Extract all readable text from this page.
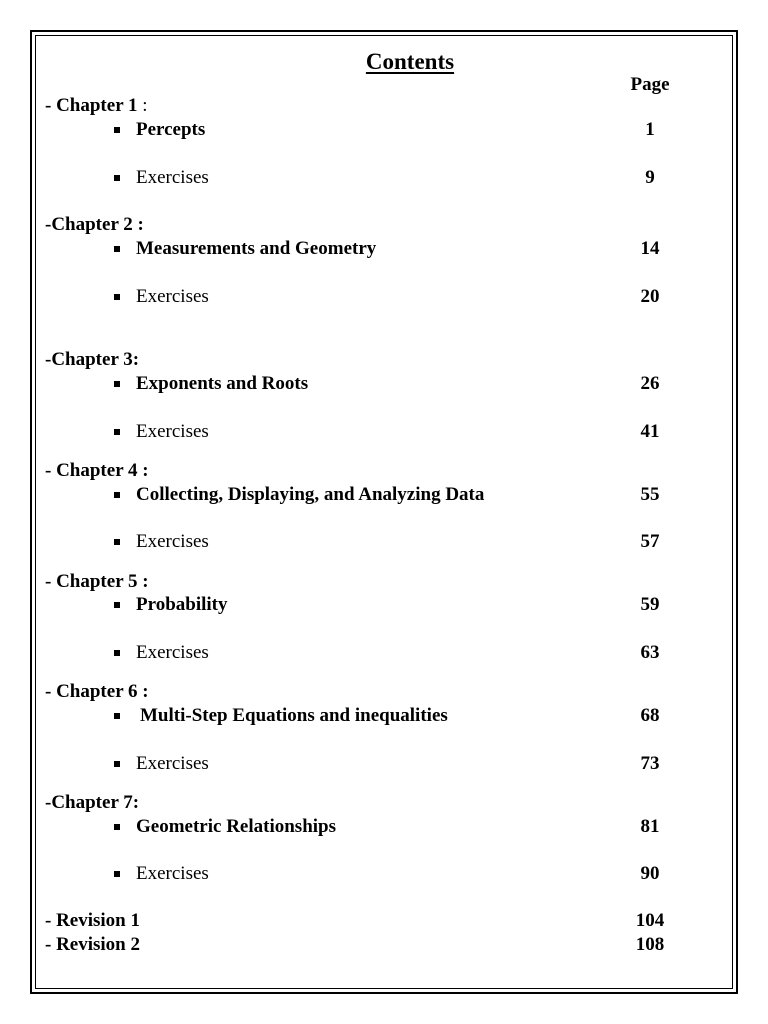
Contents
Page
- Chapter 1 :
Percepts	1
Exercises	9
-Chapter 2 :
Measurements and Geometry	14
Exercises	20
-Chapter 3:
Exponents and Roots	26
Exercises	41
- Chapter 4 :
Collecting, Displaying, and Analyzing Data	55
Exercises	57
- Chapter 5 :
Probability	59
Exercises	63
- Chapter 6 :
Multi-Step Equations and inequalities	68
Exercises	73
-Chapter 7:
Geometric Relationships	81
Exercises	90
- Revision 1	104
- Revision 2	108
